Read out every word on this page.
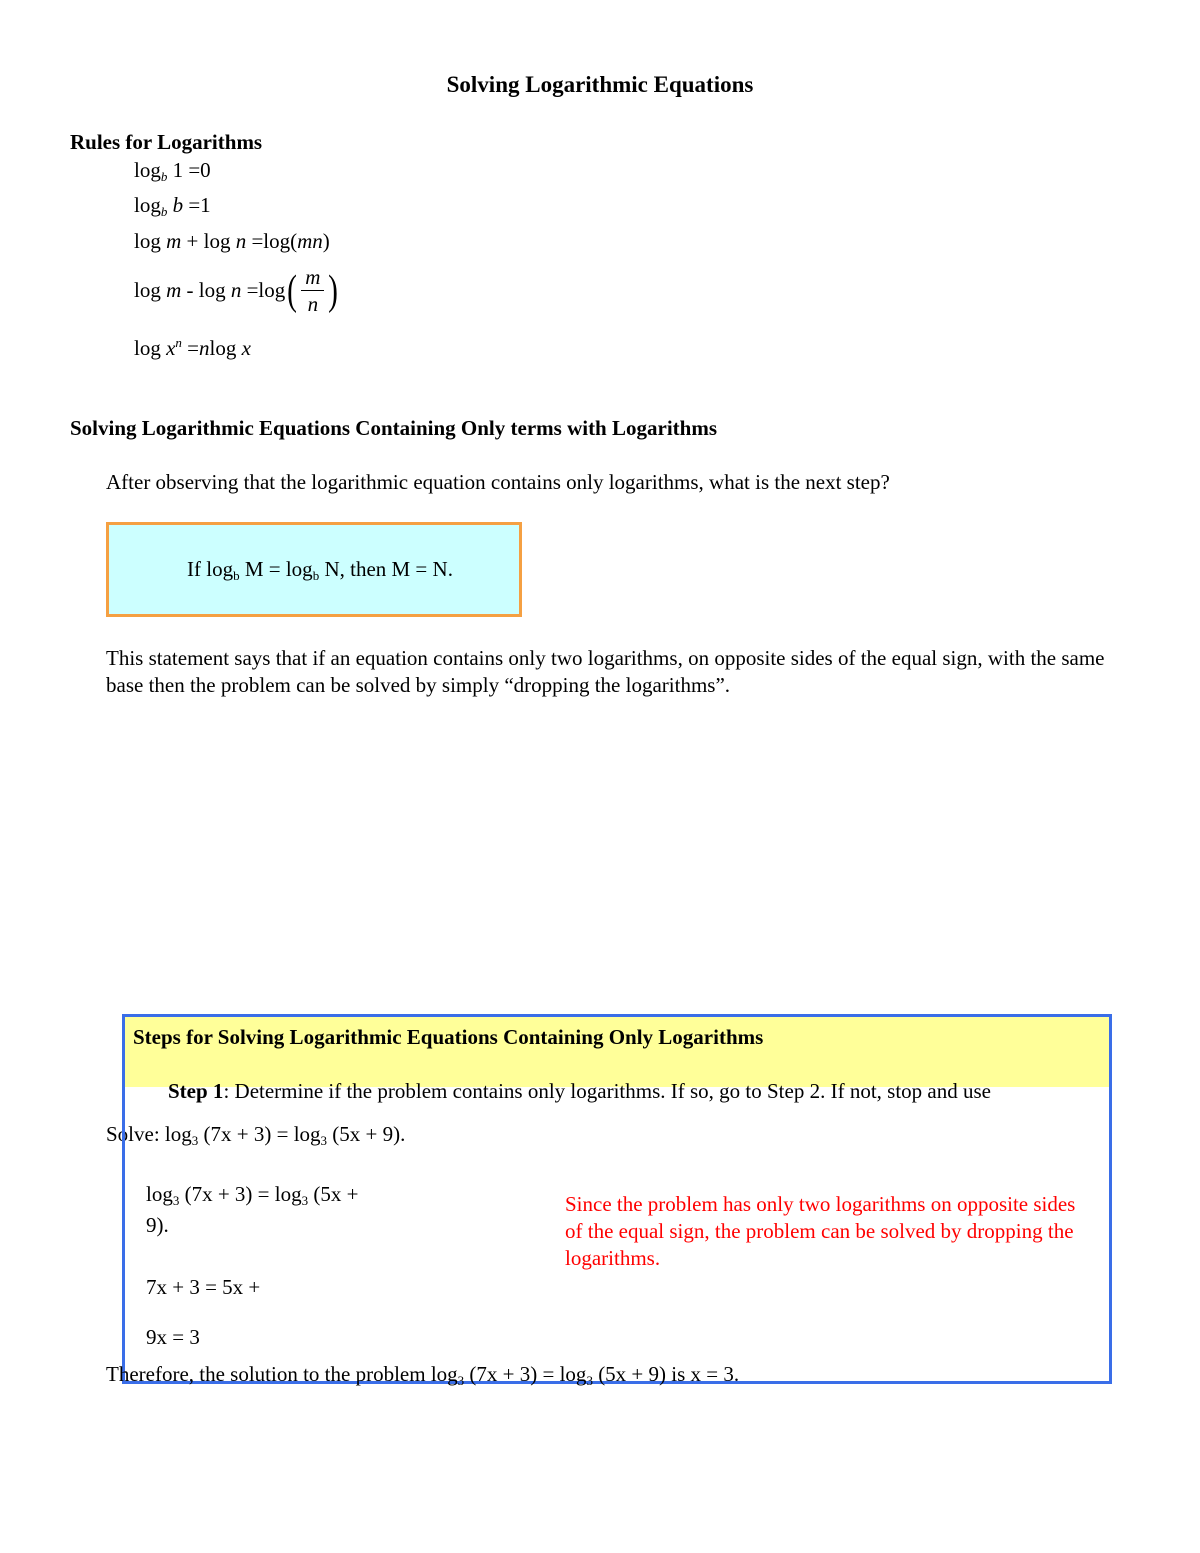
Solving Logarithmic Equations
Rules for Logarithms
$\log_b 1 =0$
$\log_b b =1$
log m + log n =log(mn)
$\log m - \log n =\log( \frac{m}{n}$ )
$\log x^n =nlog$ x
Solving Logarithmic Equations Containing Only terms with Logarithms
After observing that the logarithmic equation contains only logarithms, what is the next step?
If $\log_b M = \log_b N$, then M = N.
This statement says that if an equation contains only two logarithms, on opposite sides of the equal sign, with the same base then the problem can be solved by simply “dropping the logarithms”.
Steps for Solving Logarithmic Equations Containing Only Logarithms
Step 1: Determine if the problem contains only logarithms. If so, go to Step 2. If not, stop and use
Solve: $\log_3 (7x + 3) = \log_3 (5x + 9)$.
$\log_3 (7x + 3) = \log_3 (5x$ +
9).
7x + 3 = 5x +
9x = 3
Since the problem has only two logarithms on opposite sides of the equal sign, the problem can be solved by dropping the logarithms.
Therefore, the solution to the problem $\log_3 (7x + 3) = \log_3 (5x + 9)$ is x = 3.
